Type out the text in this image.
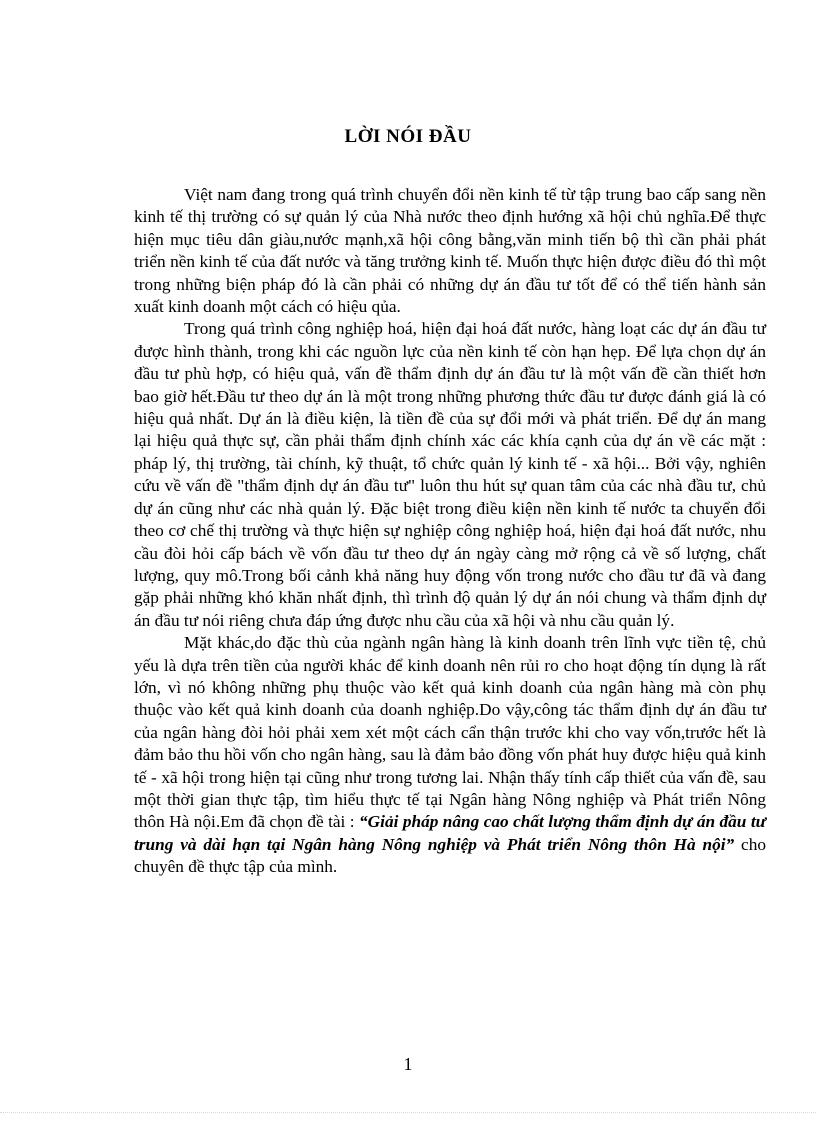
LỜI NÓI ĐẦU

Việt nam đang trong quá trình chuyển đổi nền kinh tế từ tập trung bao cấp sang nền kinh tế thị trường có sự quản lý của Nhà nước theo định hướng xã hội chủ nghĩa.Để thực hiện mục tiêu dân giàu,nước mạnh,xã hội công bằng,văn minh tiến bộ thì cần phải phát triển nền kinh tế của đất nước và tăng trưởng kinh tế. Muốn thực hiện được điều đó thì một trong những biện pháp đó là cần phải có những dự án đầu tư tốt để có thể tiến hành sản xuất kinh doanh một cách có hiệu qủa.

Trong quá trình công nghiệp hoá, hiện đại hoá đất nước, hàng loạt các dự án đầu tư được hình thành, trong khi các nguồn lực của nền kinh tế còn hạn hẹp. Để lựa chọn dự án đầu tư phù hợp, có hiệu quả, vấn đề thẩm định dự án đầu tư là một vấn đề cần thiết hơn bao giờ hết.Đầu tư theo dự án là một trong những phương thức đầu tư được đánh giá là có hiệu quả nhất. Dự án là điều kiện, là tiền đề của sự đổi mới và phát triển. Để dự án mang lại hiệu quả thực sự, cần phải thẩm định chính xác các khía cạnh của dự án về các mặt : pháp lý, thị trường, tài chính, kỹ thuật, tổ chức quản lý kinh tế - xã hội... Bởi vậy, nghiên cứu về vấn đề "thẩm định dự án đầu tư" luôn thu hút sự quan tâm của các nhà đầu tư, chủ dự án cũng như các nhà quản lý. Đặc biệt trong điều kiện nền kinh tế nước ta chuyển đổi theo cơ chế thị trường và thực hiện sự nghiệp công nghiệp hoá, hiện đại hoá đất nước, nhu cầu đòi hỏi cấp bách về vốn đầu tư theo dự án ngày càng mở rộng cả về số lượng, chất lượng, quy mô.Trong bối cảnh khả năng huy động vốn trong nước cho đầu tư đã và đang gặp phải những khó khăn nhất định, thì trình độ quản lý dự án nói chung và thẩm định dự án đầu tư nói riêng chưa đáp ứng được nhu cầu của xã hội và nhu cầu quản lý.

Mặt khác,do đặc thù của ngành ngân hàng là kinh doanh trên lĩnh vực tiền tệ, chủ yếu là dựa trên tiền của người khác để kinh doanh nên rủi ro cho hoạt động tín dụng là rất lớn, vì nó không những phụ thuộc vào kết quả kinh doanh của ngân hàng mà còn phụ thuộc vào kết quả kinh doanh của doanh nghiệp.Do vậy,công tác thẩm định dự án đầu tư của ngân hàng đòi hỏi phải xem xét một cách cẩn thận trước khi cho vay vốn,trước hết là đảm bảo thu hồi vốn cho ngân hàng, sau là đảm bảo đồng vốn phát huy được hiệu quả kinh tế - xã hội trong hiện tại cũng như trong tương lai. Nhận thấy tính cấp thiết của vấn đề, sau một thời gian thực tập, tìm hiểu thực tế tại Ngân hàng Nông nghiệp và Phát triển Nông thôn Hà nội.Em đã chọn đề tài : “Giải pháp nâng cao chất lượng thẩm định dự án đầu tư trung và dài hạn tại Ngân hàng Nông nghiệp và Phát triển Nông thôn Hà nội” cho chuyên đề thực tập của mình.

1
